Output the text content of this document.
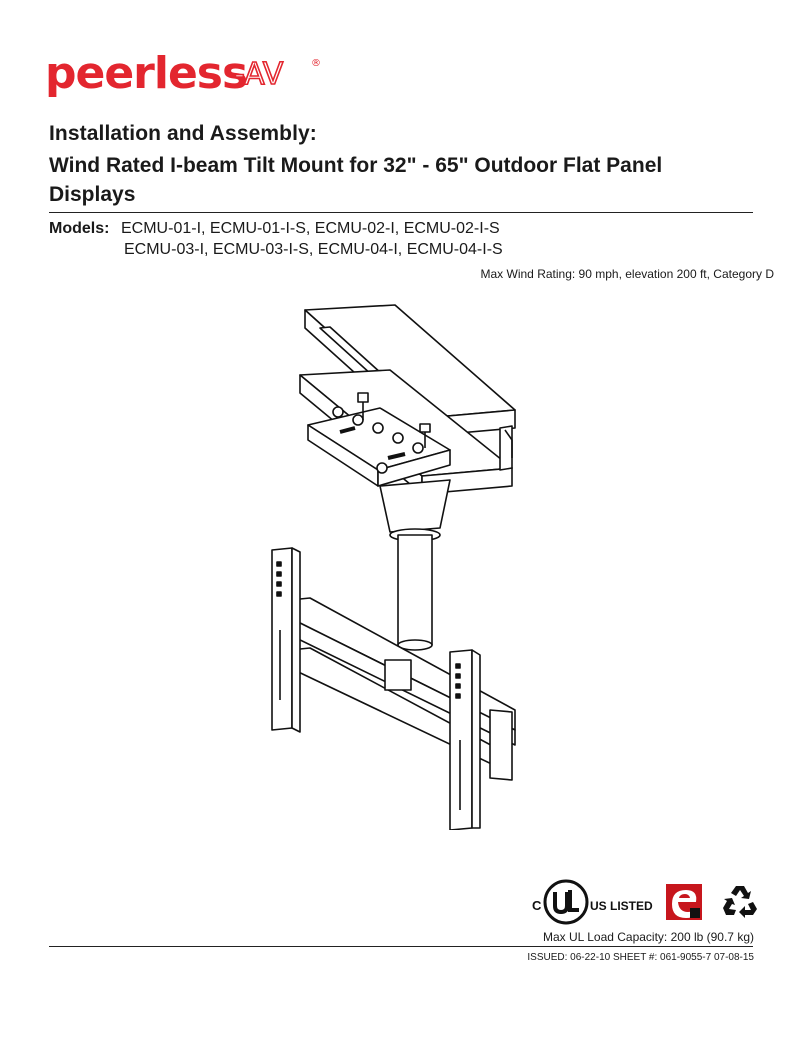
peerless
-AV	®
Installation and Assembly:
Wind Rated I-beam Tilt Mount for 32" - 65" Outdoor Flat Panel Displays
Models: ECMU-01-I, ECMU-01-I-S, ECMU-02-I, ECMU-02-I-S
ECMU-03-I, ECMU-03-I-S, ECMU-04-I, ECMU-04-I-S
Max Wind Rating: 90 mph, elevation 200 ft, Category D
C	US LISTED
Max UL Load Capacity: 200 lb (90.7 kg)
ISSUED: 06-22-10 SHEET #: 061-9055-7 07-08-15
